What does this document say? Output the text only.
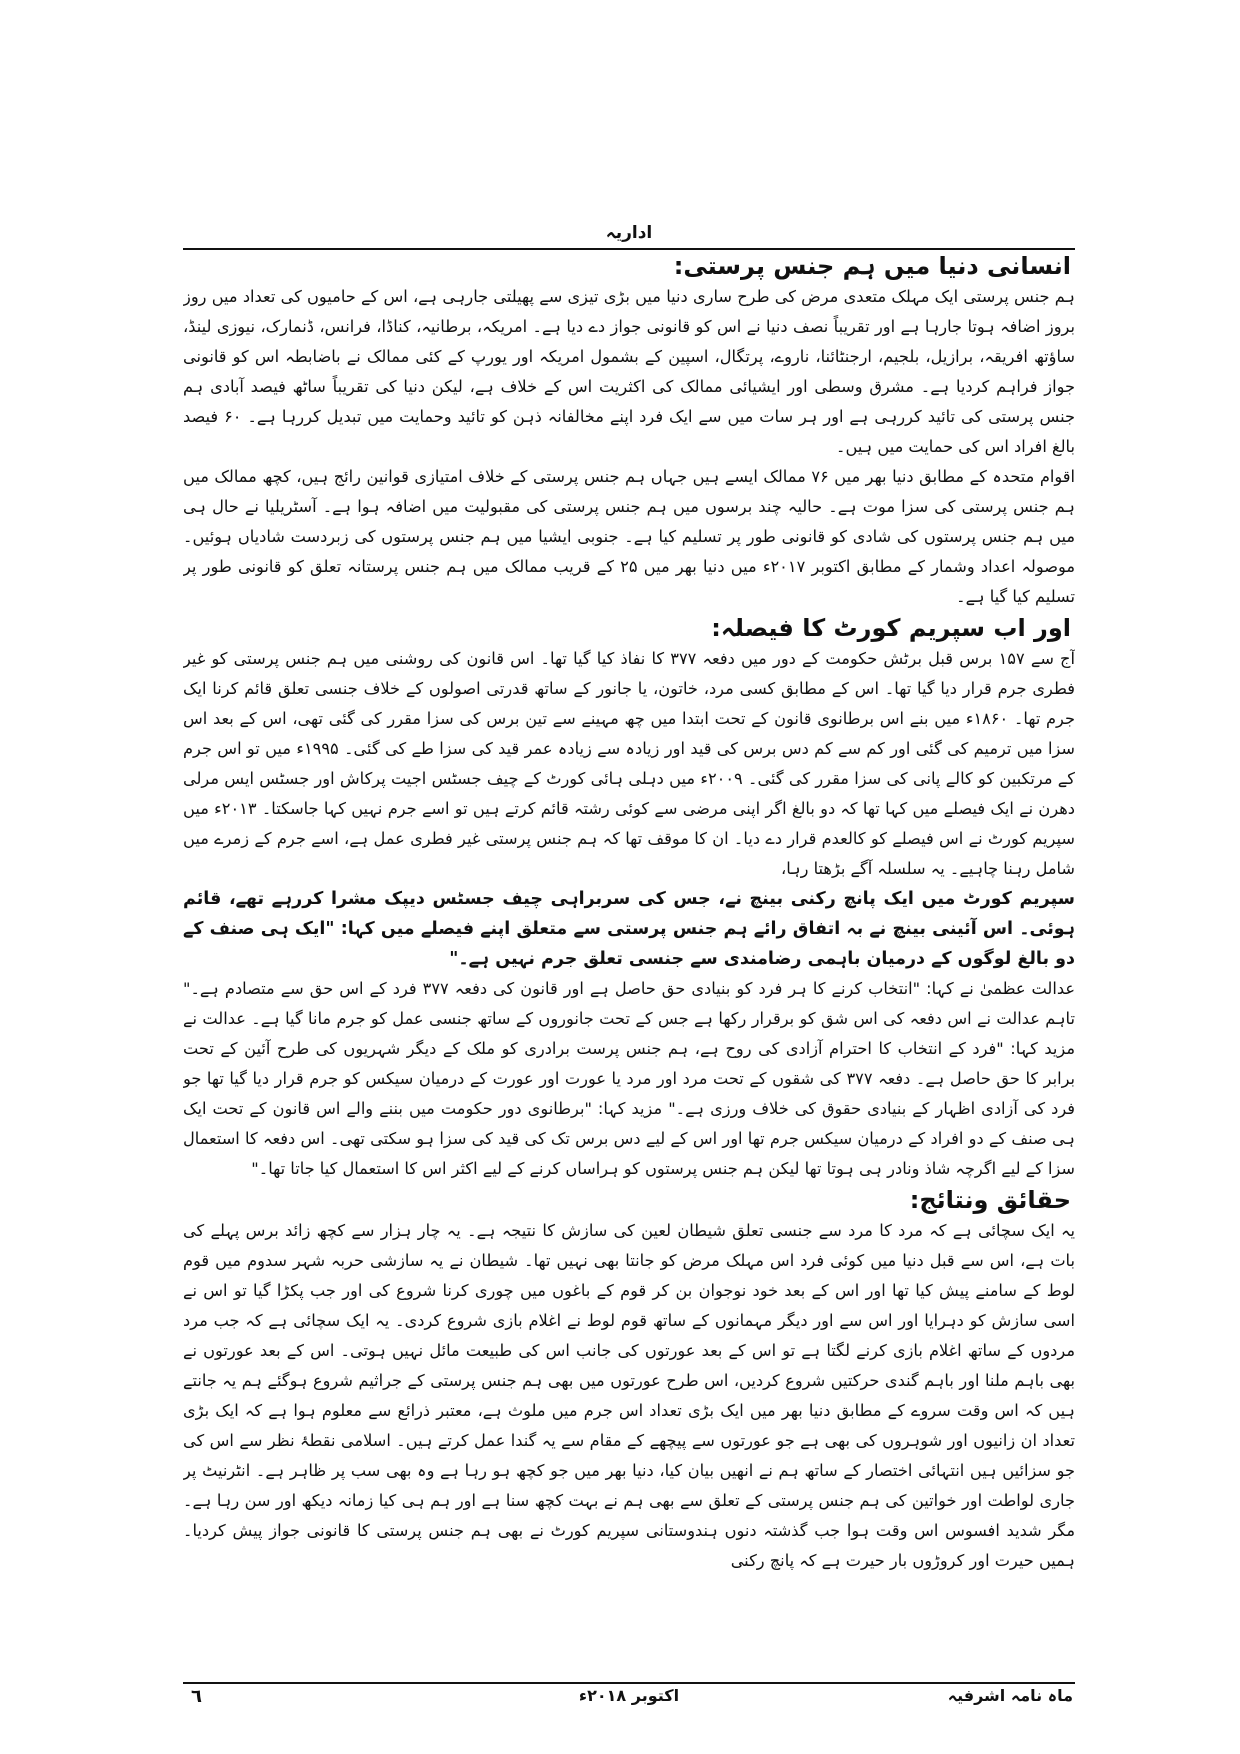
اداریہ
انسانی دنیا میں ہم جنس پرستی:

ہم جنس پرستی ایک مہلک متعدی مرض کی طرح ساری دنیا میں بڑی تیزی سے پھیلتی جارہی ہے، اس کے حامیوں کی تعداد میں روز بروز اضافہ ہوتا جارہا ہے اور تقریباً نصف دنیا نے اس کو قانونی جواز دے دیا ہے۔ امریکہ، برطانیہ، کناڈا، فرانس، ڈنمارک، نیوزی لینڈ، ساؤتھ افریقہ، برازیل، بلجیم، ارجنٹائنا، ناروے، پرتگال، اسپین کے بشمول امریکہ اور یورپ کے کئی ممالک نے باضابطہ اس کو قانونی جواز فراہم کردیا ہے۔ مشرق وسطی اور ایشیائی ممالک کی اکثریت اس کے خلاف ہے، لیکن دنیا کی تقریباً ساٹھ فیصد آبادی ہم جنس پرستی کی تائید کررہی ہے اور ہر سات میں سے ایک فرد اپنے مخالفانہ ذہن کو تائید وحمایت میں تبدیل کررہا ہے۔ ۶۰ فیصد بالغ افراد اس کی حمایت میں ہیں۔

اقوام متحدہ کے مطابق دنیا بھر میں ۷۶ ممالک ایسے ہیں جہاں ہم جنس پرستی کے خلاف امتیازی قوانین رائج ہیں، کچھ ممالک میں ہم جنس پرستی کی سزا موت ہے۔ حالیہ چند برسوں میں ہم جنس پرستی کی مقبولیت میں اضافہ ہوا ہے۔ آسٹریلیا نے حال ہی میں ہم جنس پرستوں کی شادی کو قانونی طور پر تسلیم کیا ہے۔ جنوبی ایشیا میں ہم جنس پرستوں کی زبردست شادیاں ہوئیں۔ موصولہ اعداد وشمار کے مطابق اکتوبر ۲۰۱۷ء میں دنیا بھر میں ۲۵ کے قریب ممالک میں ہم جنس پرستانہ تعلق کو قانونی طور پر تسلیم کیا گیا ہے۔

اور اب سپریم کورٹ کا فیصلہ:

آج سے ۱۵۷ برس قبل برٹش حکومت کے دور میں دفعہ ۳۷۷ کا نفاذ کیا گیا تھا۔ اس قانون کی روشنی میں ہم جنس پرستی کو غیر فطری جرم قرار دیا گیا تھا۔ اس کے مطابق کسی مرد، خاتون، یا جانور کے ساتھ قدرتی اصولوں کے خلاف جنسی تعلق قائم کرنا ایک جرم تھا۔ ۱۸۶۰ء میں بنے اس برطانوی قانون کے تحت ابتدا میں چھ مہینے سے تین برس کی سزا مقرر کی گئی تھی، اس کے بعد اس سزا میں ترمیم کی گئی اور کم سے کم دس برس کی قید اور زیادہ سے زیادہ عمر قید کی سزا طے کی گئی۔ ۱۹۹۵ء میں تو اس جرم کے مرتکبین کو کالے پانی کی سزا مقرر کی گئی۔ ۲۰۰۹ء میں دہلی ہائی کورٹ کے چیف جسٹس اجیت پرکاش اور جسٹس ایس مرلی دھرن نے ایک فیصلے میں کہا تھا کہ دو بالغ اگر اپنی مرضی سے کوئی رشتہ قائم کرتے ہیں تو اسے جرم نہیں کہا جاسکتا۔ ۲۰۱۳ء میں سپریم کورٹ نے اس فیصلے کو کالعدم قرار دے دیا۔ ان کا موقف تھا کہ ہم جنس پرستی غیر فطری عمل ہے، اسے جرم کے زمرے میں شامل رہنا چاہیے۔ یہ سلسلہ آگے بڑھتا رہا،

سپریم کورٹ میں ایک پانچ رکنی بینچ نے، جس کی سربراہی چیف جسٹس دیپک مشرا کررہے تھے، قائم ہوئی۔ اس آئینی بینچ نے بہ اتفاق رائے ہم جنس پرستی سے متعلق اپنے فیصلے میں کہا: "ایک ہی صنف کے دو بالغ لوگوں کے درمیان باہمی رضامندی سے جنسی تعلق جرم نہیں ہے۔"

عدالت عظمیٰ نے کہا: "انتخاب کرنے کا ہر فرد کو بنیادی حق حاصل ہے اور قانون کی دفعہ ۳۷۷ فرد کے اس حق سے متصادم ہے۔" تاہم عدالت نے اس دفعہ کی اس شق کو برقرار رکھا ہے جس کے تحت جانوروں کے ساتھ جنسی عمل کو جرم مانا گیا ہے۔ عدالت نے مزید کہا: "فرد کے انتخاب کا احترام آزادی کی روح ہے، ہم جنس پرست برادری کو ملک کے دیگر شہریوں کی طرح آئین کے تحت برابر کا حق حاصل ہے۔ دفعہ ۳۷۷ کی شقوں کے تحت مرد اور مرد یا عورت اور عورت کے درمیان سیکس کو جرم قرار دیا گیا تھا جو فرد کی آزادی اظہار کے بنیادی حقوق کی خلاف ورزی ہے۔" مزید کہا: "برطانوی دور حکومت میں بننے والے اس قانون کے تحت ایک ہی صنف کے دو افراد کے درمیان سیکس جرم تھا اور اس کے لیے دس برس تک کی قید کی سزا ہو سکتی تھی۔ اس دفعہ کا استعمال سزا کے لیے اگرچہ شاذ ونادر ہی ہوتا تھا لیکن ہم جنس پرستوں کو ہراساں کرنے کے لیے اکثر اس کا استعمال کیا جاتا تھا۔"

حقائق ونتائج:

یہ ایک سچائی ہے کہ مرد کا مرد سے جنسی تعلق شیطان لعین کی سازش کا نتیجہ ہے۔ یہ چار ہزار سے کچھ زائد برس پہلے کی بات ہے، اس سے قبل دنیا میں کوئی فرد اس مہلک مرض کو جانتا بھی نہیں تھا۔ شیطان نے یہ سازشی حربہ شہر سدوم میں قوم لوط کے سامنے پیش کیا تھا اور اس کے بعد خود نوجوان بن کر قوم کے باغوں میں چوری کرنا شروع کی اور جب پکڑا گیا تو اس نے اسی سازش کو دہرایا اور اس سے اور دیگر مہمانوں کے ساتھ قوم لوط نے اغلام بازی شروع کردی۔ یہ ایک سچائی ہے کہ جب مرد مردوں کے ساتھ اغلام بازی کرنے لگتا ہے تو اس کے بعد عورتوں کی جانب اس کی طبیعت مائل نہیں ہوتی۔ اس کے بعد عورتوں نے بھی باہم ملنا اور باہم گندی حرکتیں شروع کردیں، اس طرح عورتوں میں بھی ہم جنس پرستی کے جراثیم شروع ہوگئے ہم یہ جانتے ہیں کہ اس وقت سروے کے مطابق دنیا بھر میں ایک بڑی تعداد اس جرم میں ملوث ہے، معتبر ذرائع سے معلوم ہوا ہے کہ ایک بڑی تعداد ان زانیوں اور شوہروں کی بھی ہے جو عورتوں سے پیچھے کے مقام سے یہ گندا عمل کرتے ہیں۔ اسلامی نقطۂ نظر سے اس کی جو سزائیں ہیں انتہائی اختصار کے ساتھ ہم نے انھیں بیان کیا، دنیا بھر میں جو کچھ ہو رہا ہے وہ بھی سب پر ظاہر ہے۔ انٹرنیٹ پر جاری لواطت اور خواتین کی ہم جنس پرستی کے تعلق سے بھی ہم نے بہت کچھ سنا ہے اور ہم ہی کیا زمانہ دیکھ اور سن رہا ہے۔ مگر شدید افسوس اس وقت ہوا جب گذشتہ دنوں ہندوستانی سپریم کورٹ نے بھی ہم جنس پرستی کا قانونی جواز پیش کردیا۔ ہمیں حیرت اور کروڑوں بار حیرت ہے کہ پانچ رکنی

ماہ نامہ اشرفیہ
اکتوبر ۲۰۱۸ء
٦
